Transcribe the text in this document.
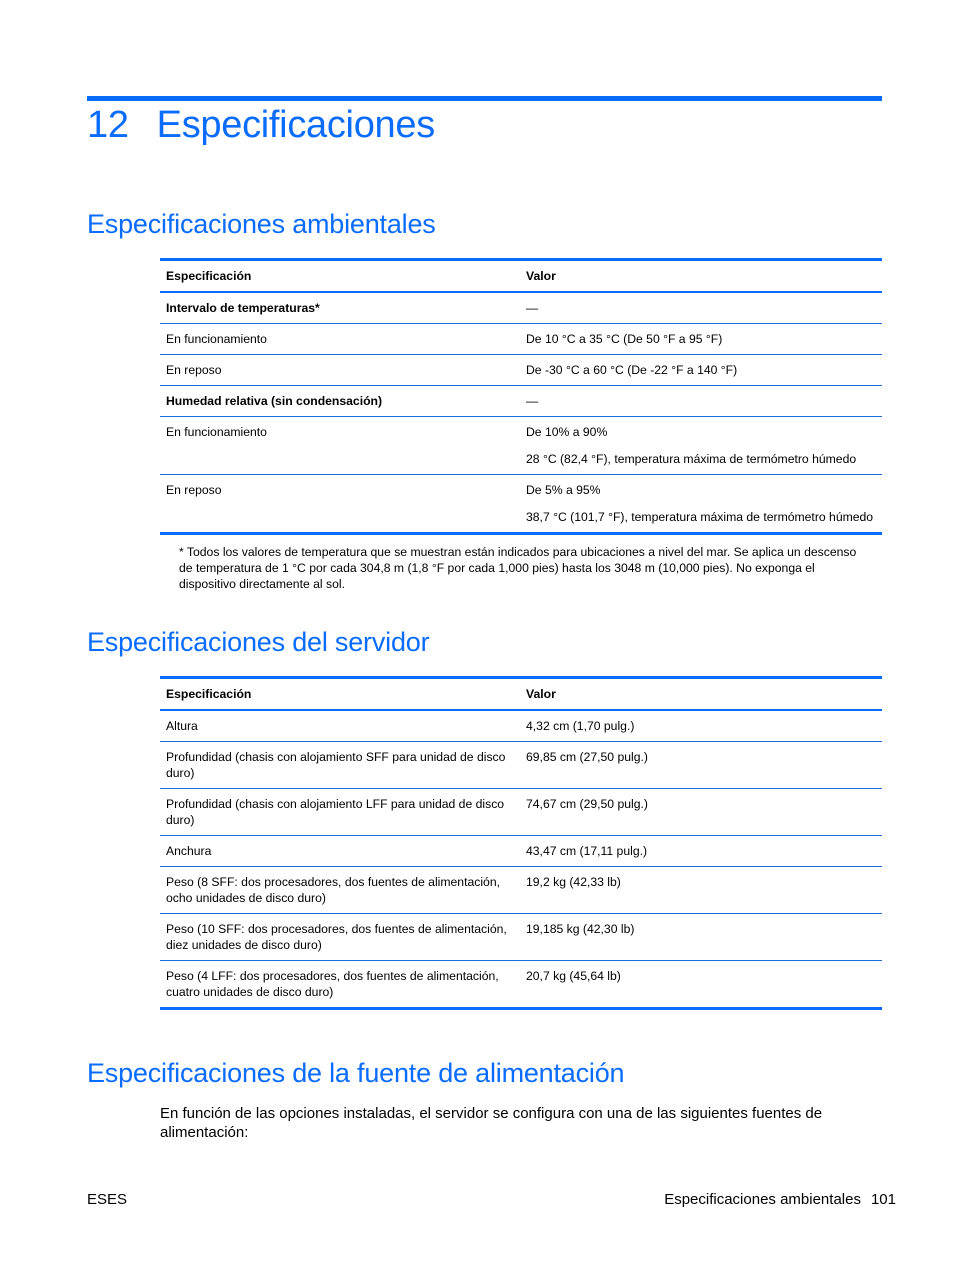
12 Especificaciones
Especificaciones ambientales
Especificación	Valor
Intervalo de temperaturas*	—
En funcionamiento	De 10 °C a 35 °C (De 50 °F a 95 °F)
En reposo	De -30 °C a 60 °C (De -22 °F a 140 °F)
Humedad relativa (sin condensación)	—
En funcionamiento	De 10% a 90%
28 °C (82,4 °F), temperatura máxima de termómetro húmedo

En reposo	De 5% a 95%
38,7 °C (101,7 °F), temperatura máxima de termómetro húmedo
* Todos los valores de temperatura que se muestran están indicados para ubicaciones a nivel del mar. Se aplica un descenso de temperatura de 1 °C por cada 304,8 m (1,8 °F por cada 1,000 pies) hasta los 3048 m (10,000 pies). No exponga el dispositivo directamente al sol.
Especificaciones del servidor
Especificación	Valor
Altura	4,32 cm (1,70 pulg.)
Profundidad (chasis con alojamiento SFF para unidad de disco duro)	69,85 cm (27,50 pulg.)
Profundidad (chasis con alojamiento LFF para unidad de disco duro)	74,67 cm (29,50 pulg.)
Anchura	43,47 cm (17,11 pulg.)
Peso (8 SFF: dos procesadores, dos fuentes de alimentación, ocho unidades de disco duro)	19,2 kg (42,33 lb)
Peso (10 SFF: dos procesadores, dos fuentes de alimentación, diez unidades de disco duro)	19,185 kg (42,30 lb)
Peso (4 LFF: dos procesadores, dos fuentes de alimentación, cuatro unidades de disco duro)	20,7 kg (45,64 lb)
Especificaciones de la fuente de alimentación

En función de las opciones instaladas, el servidor se configura con una de las siguientes fuentes de alimentación:

ESES	Especificaciones ambientales 101
